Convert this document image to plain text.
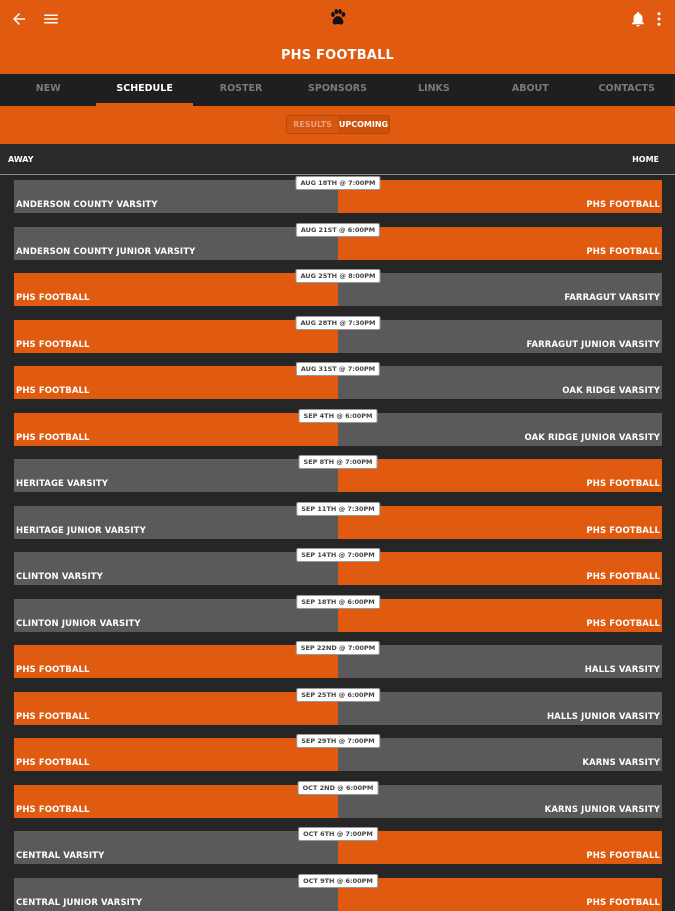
PHS FOOTBALL
NEW	SCHEDULE	ROSTER	SPONSORS	LINKS	ABOUT	CONTACTS
RESULTS UPCOMING
AWAY	HOME
ANDERSON COUNTY VARSITY	PHS FOOTBALL
AUG 18TH @ 7:00PM
ANDERSON COUNTY JUNIOR VARSITY	PHS FOOTBALL
AUG 21ST @ 6:00PM
PHS FOOTBALL	FARRAGUT VARSITY
AUG 25TH @ 8:00PM
PHS FOOTBALL	FARRAGUT JUNIOR VARSITY
AUG 28TH @ 7:30PM
PHS FOOTBALL	OAK RIDGE VARSITY
AUG 31ST @ 7:00PM
PHS FOOTBALL	OAK RIDGE JUNIOR VARSITY
SEP 4TH @ 6:00PM
HERITAGE VARSITY	PHS FOOTBALL
SEP 8TH @ 7:00PM
HERITAGE JUNIOR VARSITY	PHS FOOTBALL
SEP 11TH @ 7:30PM
CLINTON VARSITY	PHS FOOTBALL
SEP 14TH @ 7:00PM
CLINTON JUNIOR VARSITY	PHS FOOTBALL
SEP 18TH @ 6:00PM
PHS FOOTBALL	HALLS VARSITY
SEP 22ND @ 7:00PM
PHS FOOTBALL	HALLS JUNIOR VARSITY
SEP 25TH @ 6:00PM
PHS FOOTBALL	KARNS VARSITY
SEP 29TH @ 7:00PM
PHS FOOTBALL	KARNS JUNIOR VARSITY
OCT 2ND @ 6:00PM
CENTRAL VARSITY	PHS FOOTBALL
OCT 6TH @ 7:00PM
CENTRAL JUNIOR VARSITY	PHS FOOTBALL
OCT 9TH @ 6:00PM
